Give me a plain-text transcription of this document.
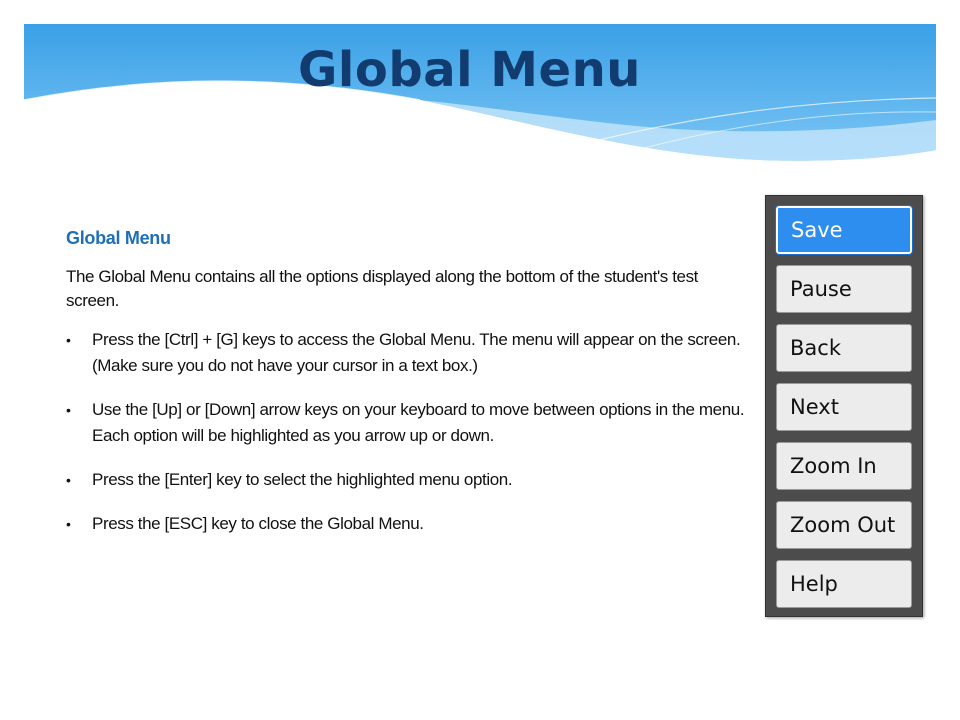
Global Menu
Global Menu

The Global Menu contains all the options displayed along the bottom of the student's test screen.

• Press the [Ctrl] + [G] keys to access the Global Menu. The menu will appear on the screen. (Make sure you do not have your cursor in a text box.)
• Use the [Up] or [Down] arrow keys on your keyboard to move between options in the menu. Each option will be highlighted as you arrow up or down.
• Press the [Enter] key to select the highlighted menu option.
• Press the [ESC] key to close the Global Menu.
Save
Pause
Back
Next
Zoom In
Zoom Out
Help
